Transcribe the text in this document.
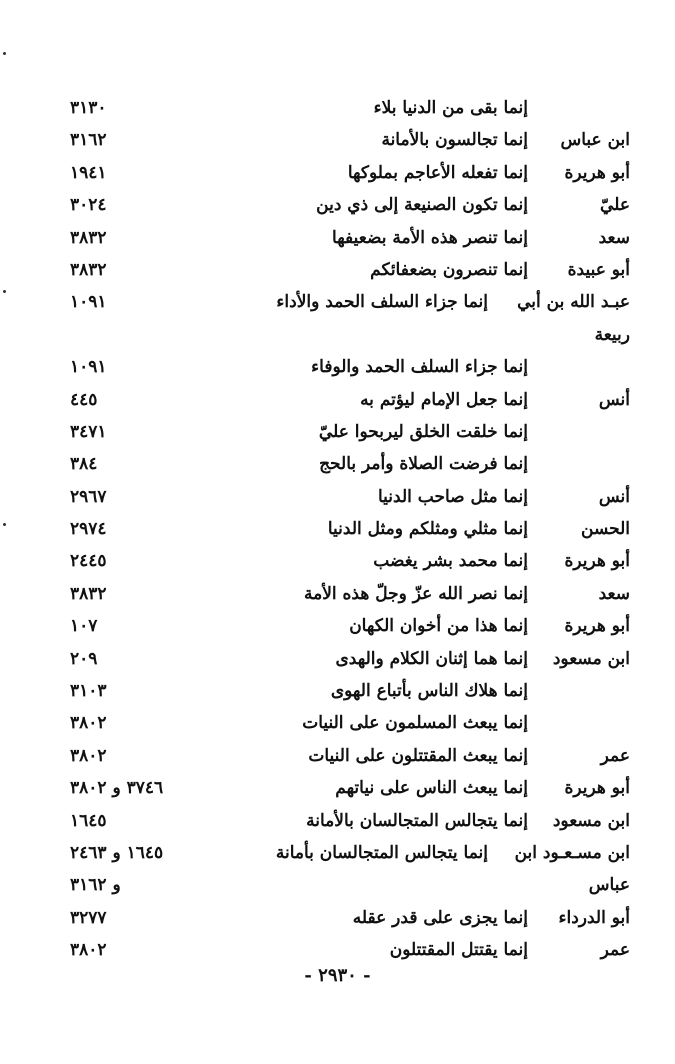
إنما بقى من الدنيا بلاء
٣١٣٠
ابن عباس
إنما تجالسون بالأمانة
٣١٦٢
أبو هريرة
إنما تفعله الأعاجم بملوكها
١٩٤١
عليّ
إنما تكون الصنيعة إلى ذي دين
٣٠٢٤
سعد
إنما تنصر هذه الأمة بضعيفها
٣٨٣٢
أبو عبيدة
إنما تنصرون بضعفائكم
٣٨٣٢
عبـد الله بن أبي
إنما جزاء السلف الحمد والأداء
١٠٩١
ربيعة
إنما جزاء السلف الحمد والوفاء
١٠٩١
أنس
إنما جعل الإمام ليؤتم به
٤٤٥
إنما خلقت الخلق ليربحوا عليّ
٣٤٧١
إنما فرضت الصلاة وأمر بالحج
٣٨٤
أنس
إنما مثل صاحب الدنيا
٢٩٦٧
الحسن
إنما مثلي ومثلكم ومثل الدنيا
٢٩٧٤
أبو هريرة
إنما محمد بشر يغضب
٢٤٤٥
سعد
إنما نصر الله عزّ وجلّ هذه الأمة
٣٨٣٢
أبو هريرة
إنما هذا من أخوان الكهان
١٠٧
ابن مسعود
إنما هما إثنان الكلام والهدى
٢٠٩
إنما هلاك الناس بأتباع الهوى
٣١٠٣
إنما يبعث المسلمون على النيات
٣٨٠٢
عمر
إنما يبعث المقتتلون على النيات
٣٨٠٢
أبو هريرة
إنما يبعث الناس على نياتهم
٣٧٤٦ و ٣٨٠٢
ابن مسعود
إنما يتجالس المتجالسان بالأمانة
١٦٤٥
ابن مسـعـود ابن
إنما يتجالس المتجالسان بأمانة
١٦٤٥ و ٢٤٦٣
عباس
و ٣١٦٢
أبو الدرداء
إنما يجزى على قدر عقله
٣٢٧٧
عمر
إنما يقتتل المقتتلون
٣٨٠٢
- ٢٩٣٠ -
